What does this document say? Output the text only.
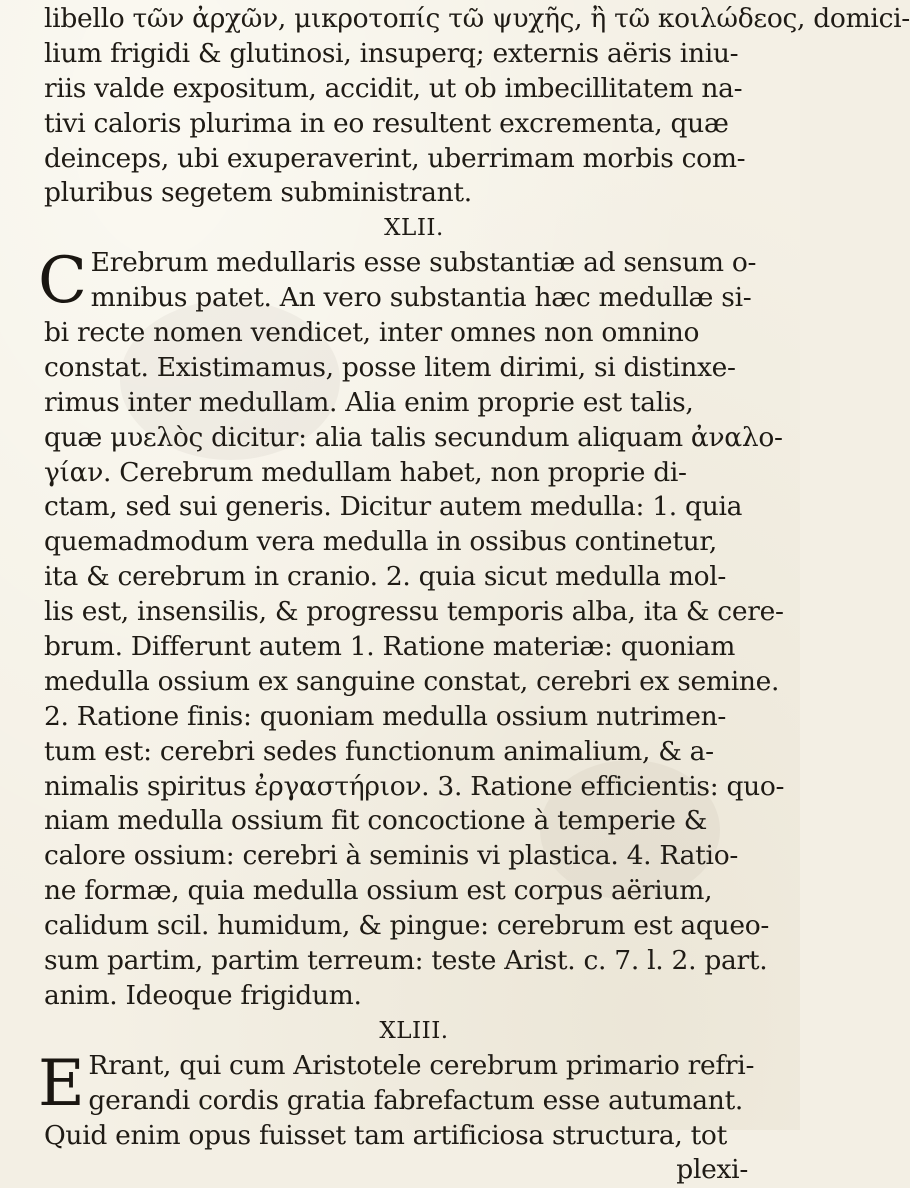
libello τῶν ἀρχῶν, μικροτοπίς τῶ ψυχῆς, ἢ τῶ κοιλώδεος, domici-
lium frigidi & glutinosi, insuperq; externis aëris iniu-
riis valde expositum, accidit, ut ob imbecillitatem na-
tivi caloris plurima in eo resultent excrementa, quæ
deinceps, ubi exuperaverint, uberrimam morbis com-
pluribus segetem subministrant.
XLII.
C Erebrum medullaris esse substantiæ ad sensum o-
mnibus patet. An vero substantia hæc medullæ si-
bi recte nomen vendicet, inter omnes non omnino
constat. Existimamus, posse litem dirimi, si distinxe-
rimus inter medullam. Alia enim proprie est talis,
quæ μυελὸς dicitur: alia talis secundum aliquam ἀναλο-
γίαν. Cerebrum medullam habet, non proprie di-
ctam, sed sui generis. Dicitur autem medulla: 1. quia
quemadmodum vera medulla in ossibus continetur,
ita & cerebrum in cranio. 2. quia sicut medulla mol-
lis est, insensilis, & progressu temporis alba, ita & cere-
brum. Differunt autem 1. Ratione materiæ: quoniam
medulla ossium ex sanguine constat, cerebri ex semine.
2. Ratione finis: quoniam medulla ossium nutrimen-
tum est: cerebri sedes functionum animalium, & a-
nimalis spiritus ἐργαστήριον. 3. Ratione efficientis: quo-
niam medulla ossium fit concoctione à temperie &
calore ossium: cerebri à seminis vi plastica. 4. Ratio-
ne formæ, quia medulla ossium est corpus aërium,
calidum scil. humidum, & pingue: cerebrum est aqueo-
sum partim, partim terreum: teste Arist. c. 7. l. 2. part.
anim. Ideoque frigidum.
XLIII.
E Rrant, qui cum Aristotele cerebrum primario refri-
gerandi cordis gratia fabrefactum esse autumant.
Quid enim opus fuisset tam artificiosa structura, tot
plexi-
